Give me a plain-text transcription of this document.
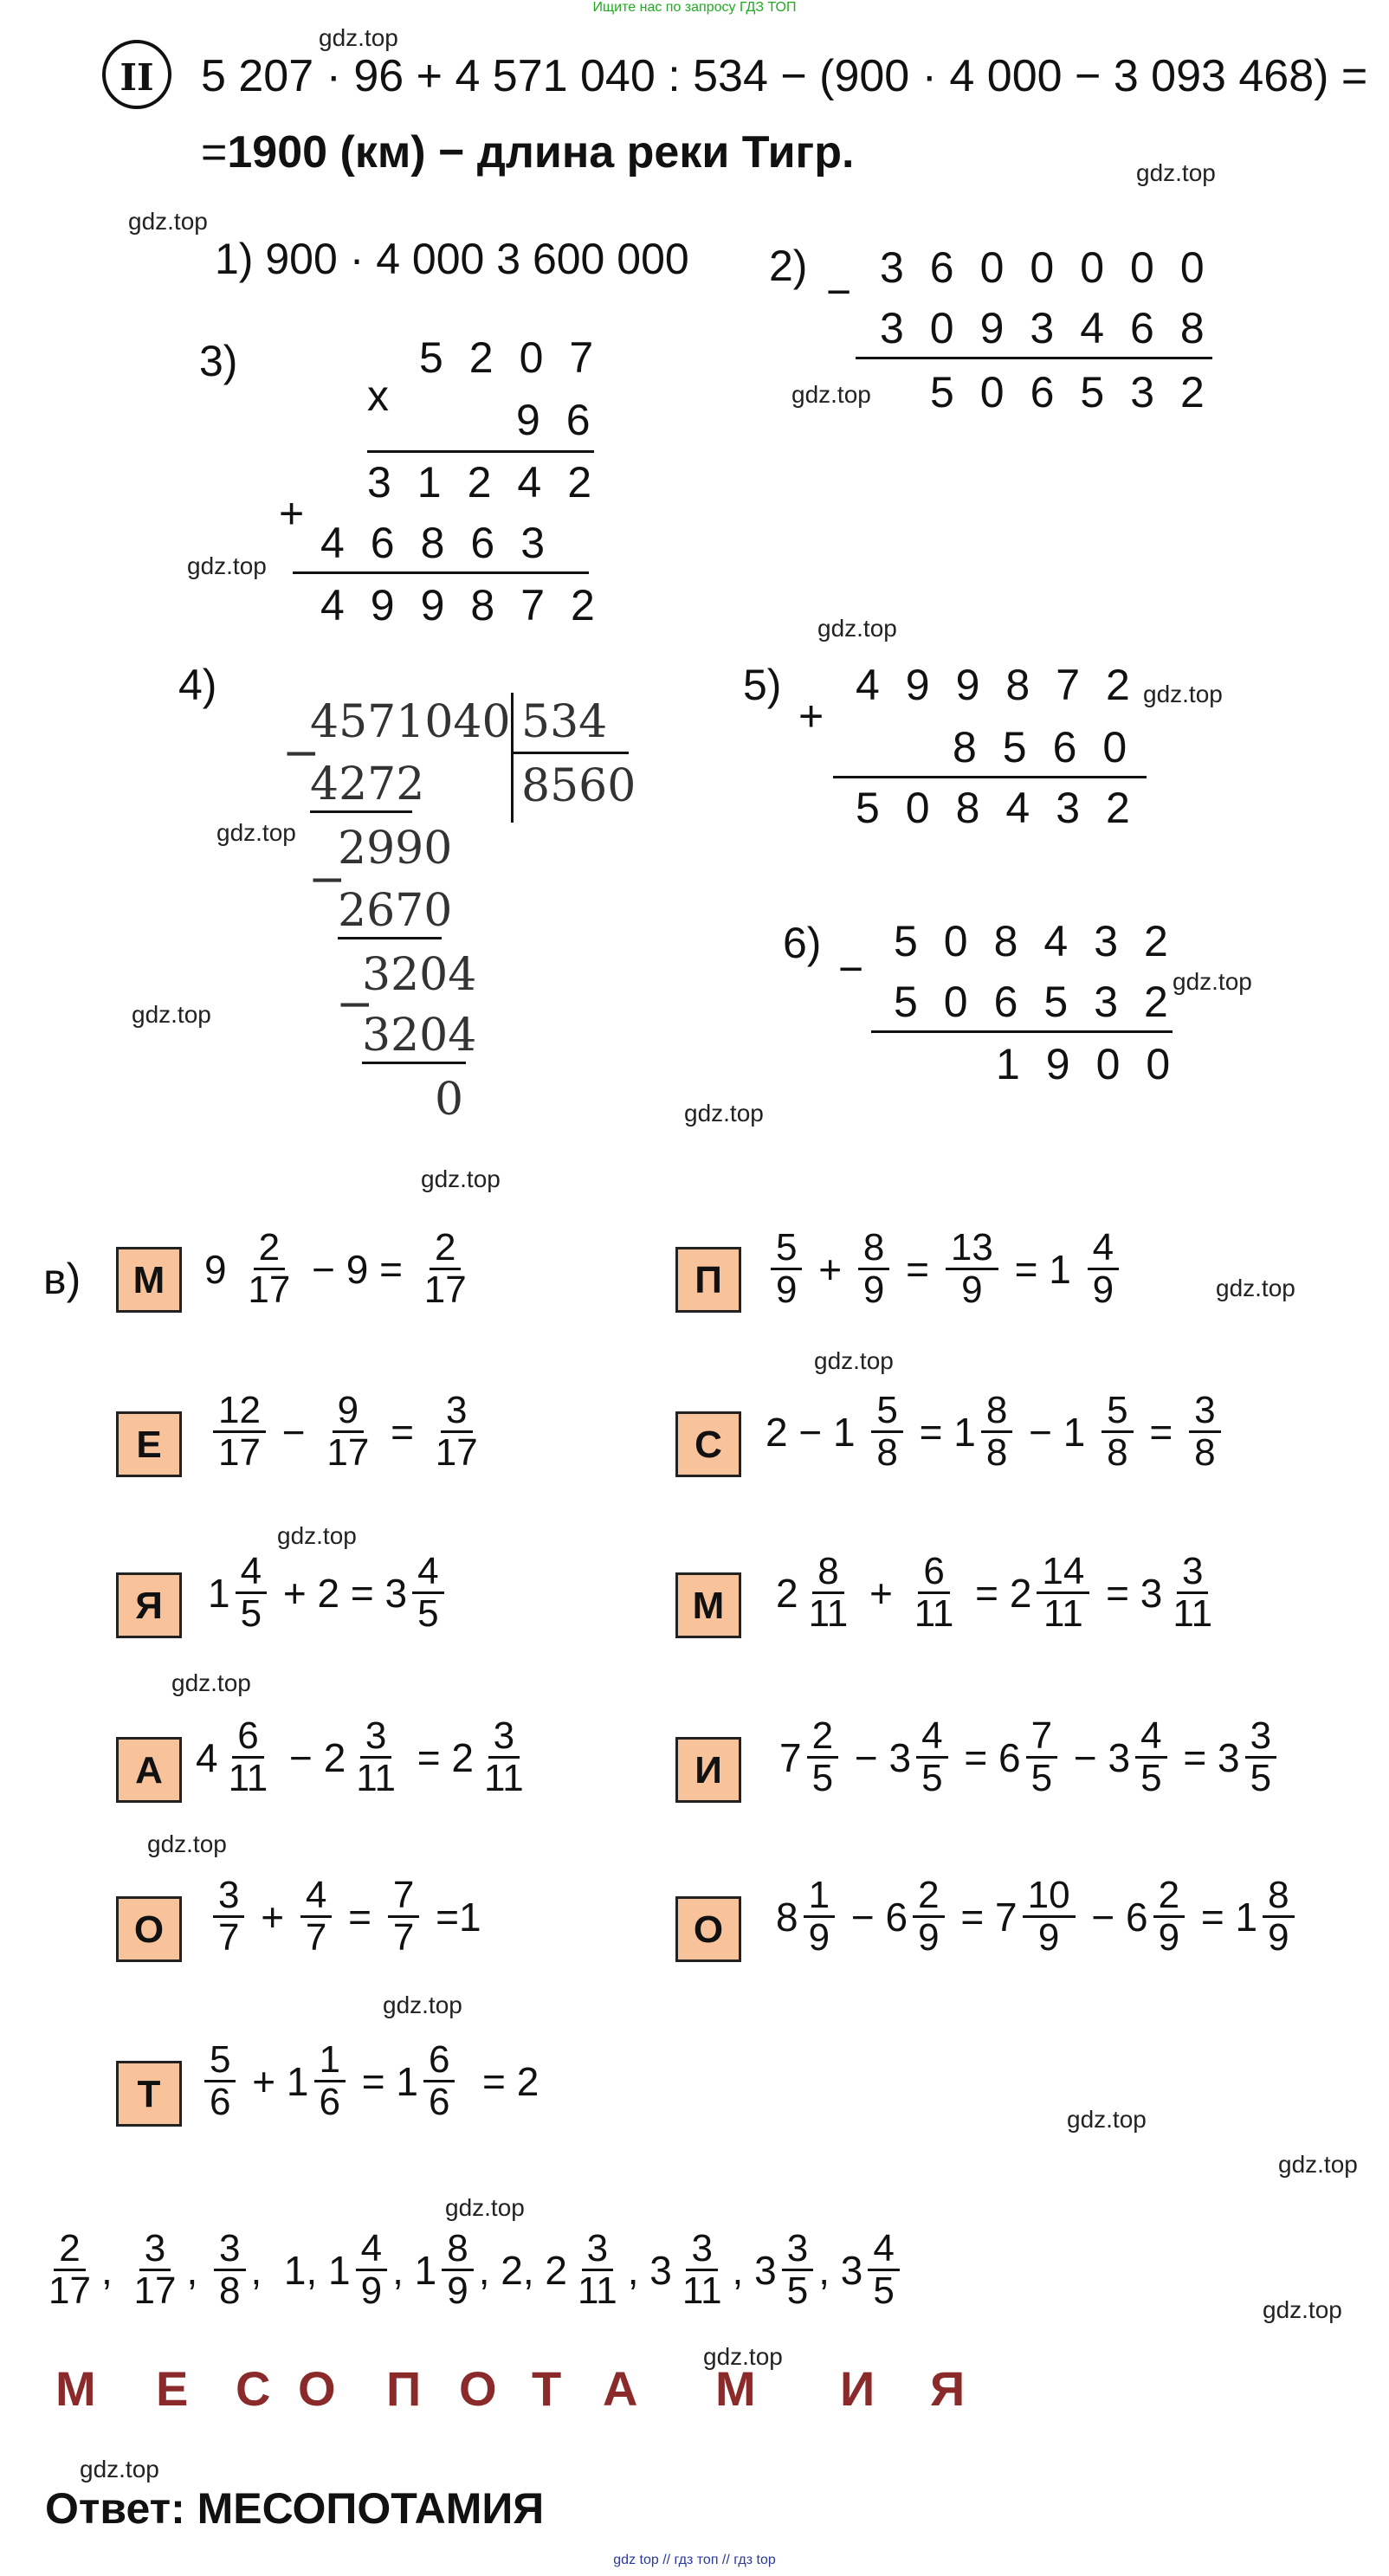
Ищите нас по запросу ГДЗ ТОП
gdz top // гдз топ // гдз top
gdz.top
gdz.top
gdz.top
gdz.top
gdz.top
gdz.top
gdz.top
gdz.top
gdz.top
gdz.top
gdz.top
gdz.top
gdz.top
gdz.top
gdz.top
gdz.top
gdz.top
gdz.top
gdz.top
gdz.top
gdz.top
gdz.top
gdz.top
gdz.top
II	5 207 · 96 + 4 571 040 : 534 − (900 · 4 000 − 3 093 468) =
=1900 (км) − длина реки Тигр.
1) 900 · 4 000 3 600 000 2)
− 3600000
3093468
506532
3)
x
5207
96
31242
+
46863
499872
4)
−
4571040 534
8560
4272
−
2990
2670
−
3204
3204
0
5)
+
499872
8560
508432
6)
−
508432
506532
1900
в)	М $9 \frac{2}{17} - 9 = \frac{2}{17}$	П	$\frac{5}{9} + \frac{8}{9} = \frac{13}{9} = 1 \frac{4}{9}$
Е	$\frac{12}{17} - \frac{9}{17} = \frac{3}{17}$	С	$2 - 1 \frac{5}{8} = 1 \frac{8}{8} - 1 \frac{5}{8} = \frac{3}{8}$
Я	$1 \frac{4}{5} + 2 = 3 \frac{4}{5}$	М	$2 \frac{8}{11} + \frac{6}{11} = 2 \frac{14}{11} = 3 \frac{3}{11}$
А $4 \frac{6}{11} - 2 \frac{3}{11} = 2 \frac{3}{11}$	И	$7 \frac{2}{5} - 3 \frac{4}{5} = 6 \frac{7}{5} - 3 \frac{4}{5} = 3 \frac{3}{5}$
О	$\frac{3}{7} + \frac{4}{7} = \frac{7}{7} =1$	О	$8 \frac{1}{9} - 6 \frac{2}{9} = 7 \frac{10}{9} - 6 \frac{2}{9} = 1 \frac{8}{9}$
Т	$\frac{5}{6} + 1 \frac{1}{6} = 1 \frac{6}{6} = 2$
$\frac{2}{17}$ , $\frac{3}{17}$ , $\frac{3}{8}$ ,  1, $1 \frac{4}{9}$ , $1 \frac{8}{9}$ , 2, $2 \frac{3}{11}$ , $3 \frac{3}{11}$ , $3 \frac{3}{5}$ , $3 \frac{4}{5}$
М Е С О П О Т А М И Я
Ответ: МЕСОПОТАМИЯ
